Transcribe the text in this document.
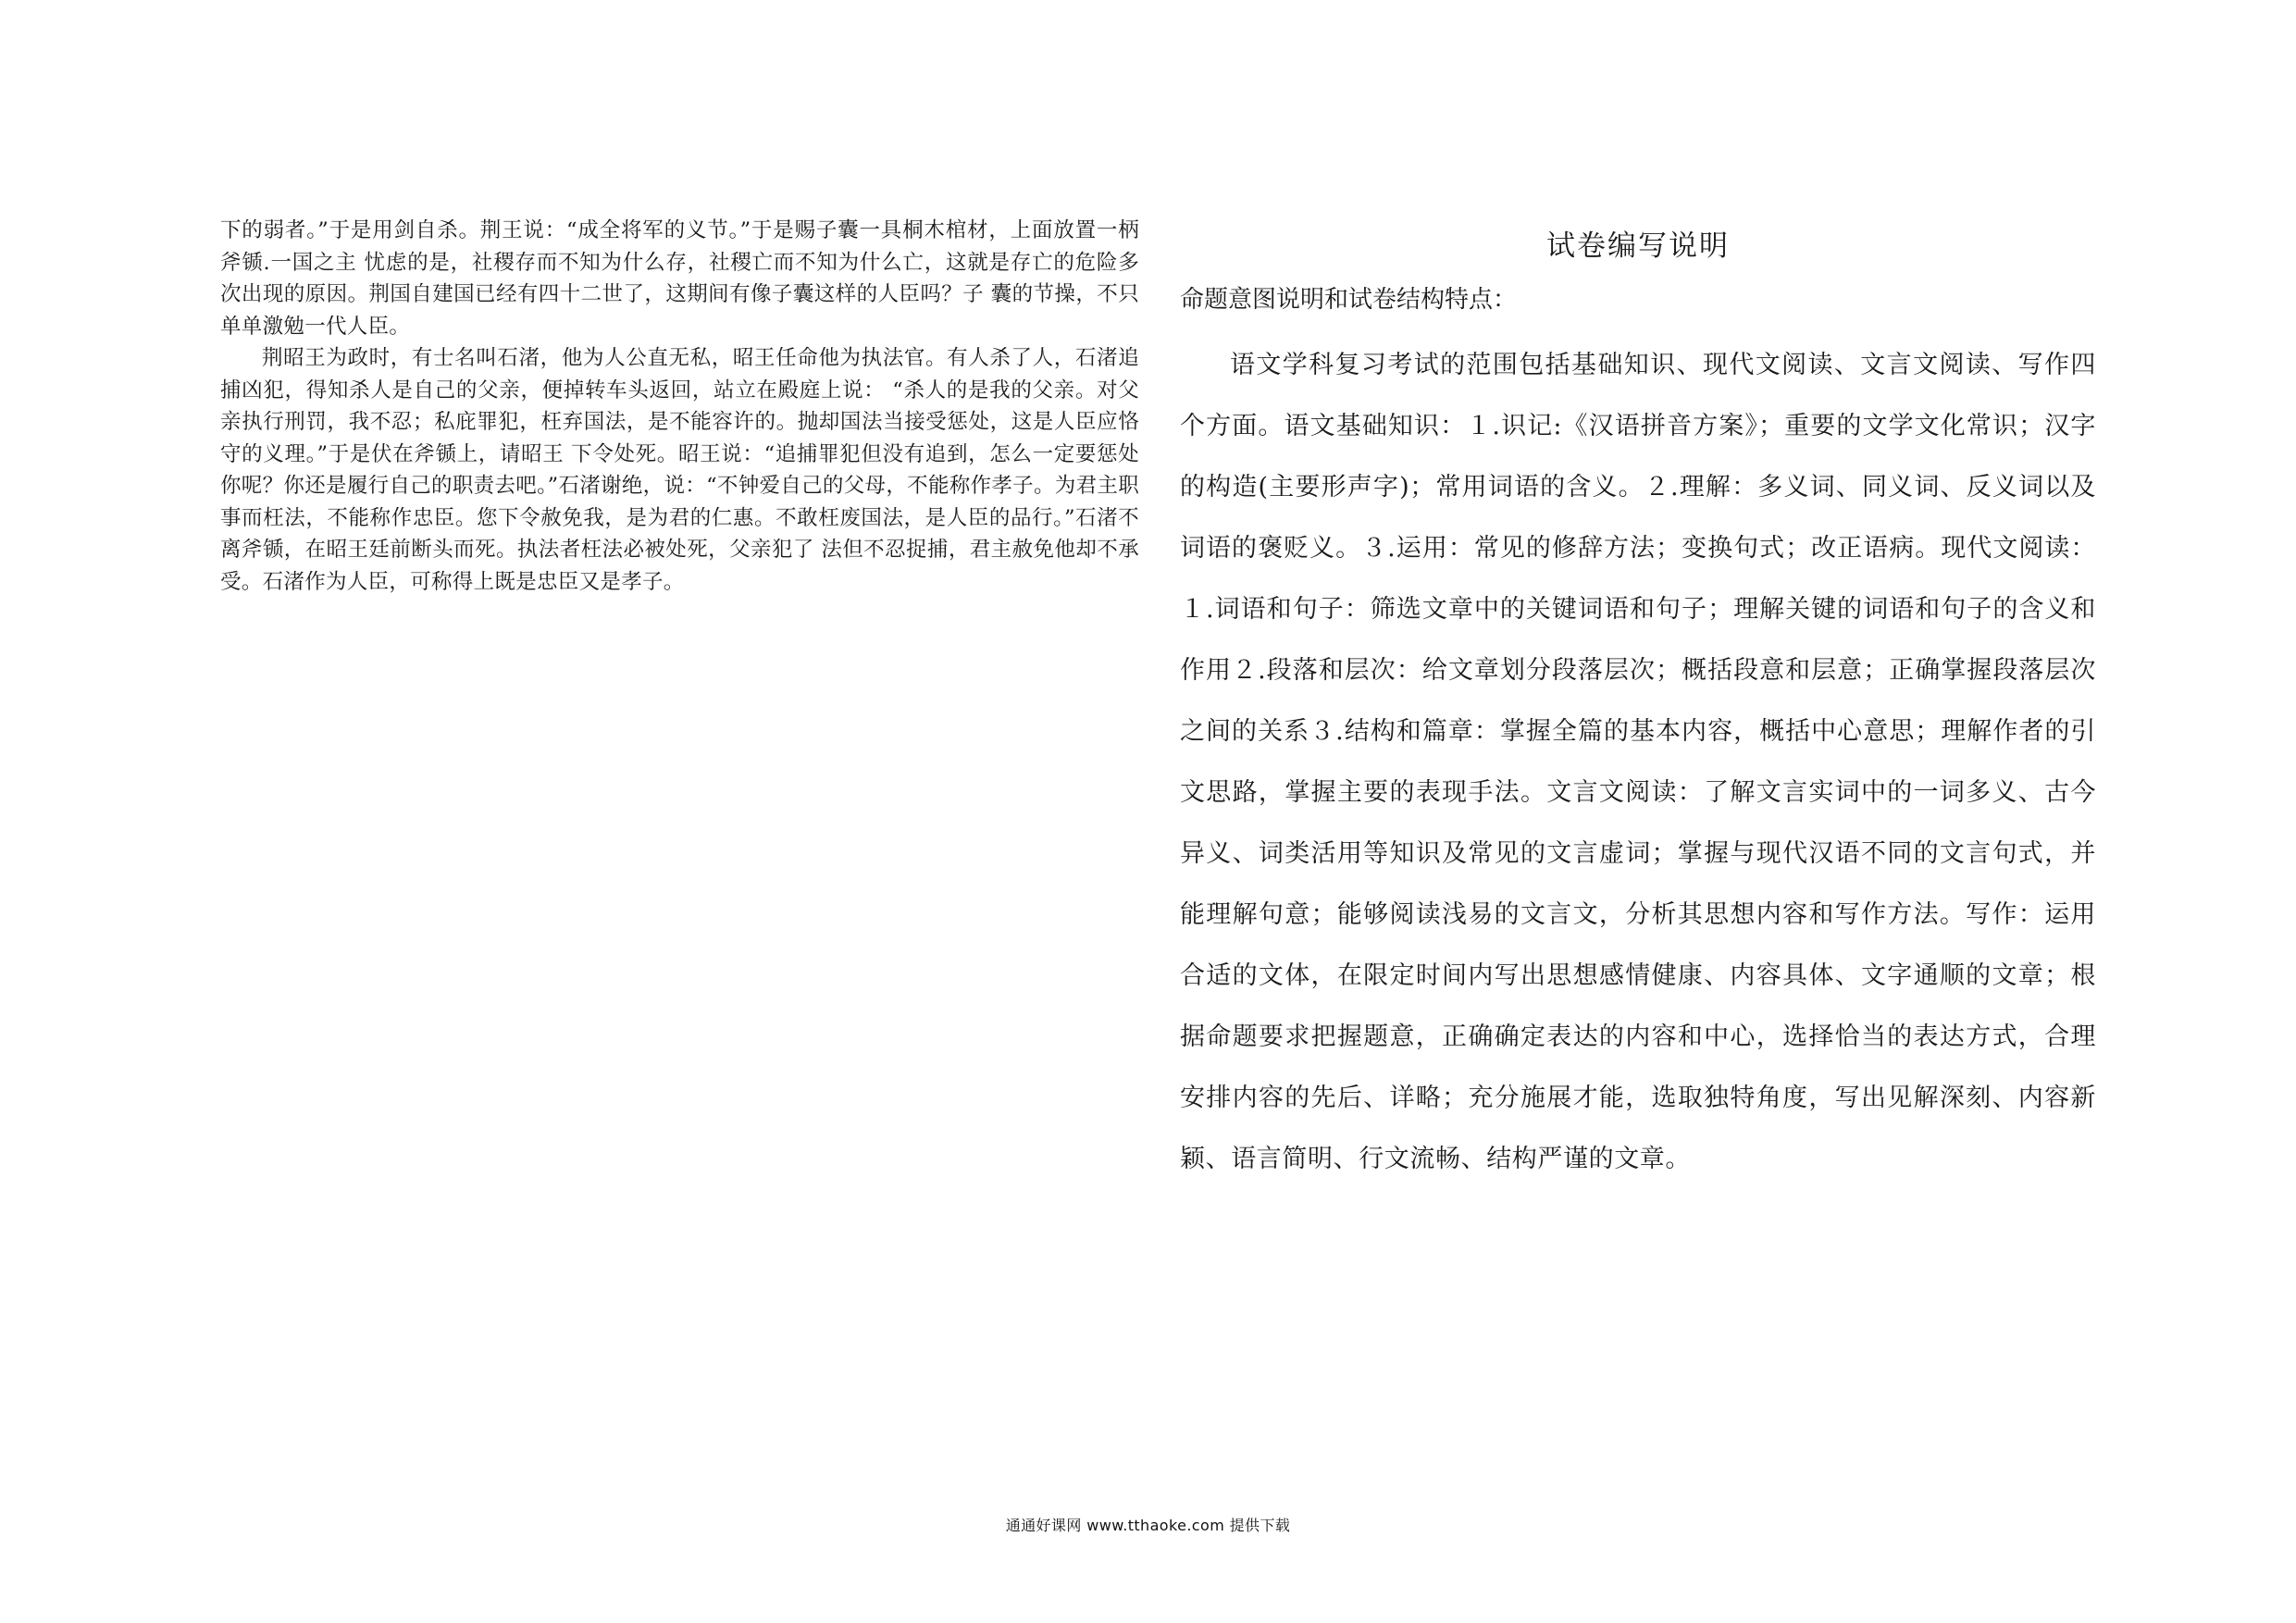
下的弱者。”于是用剑自杀。荆王说：“成全将军的义节。”于是赐子囊一具桐木棺材，上面放置一柄斧锧.一国之主 忧虑的是，社稷存而不知为什么存，社稷亡而不知为什么亡，这就是存亡的危险多次出现的原因。荆国自建国已经有四十二世了，这期间有像子囊这样的人臣吗？子 囊的节操，不只单单激勉一代人臣。

荆昭王为政时，有士名叫石渚，他为人公直无私，昭王任命他为执法官。有人杀了人，石渚追捕凶犯，得知杀人是自己的父亲，便掉转车头返回，站立在殿庭上说： “杀人的是我的父亲。对父亲执行刑罚，我不忍；私庇罪犯，枉弃国法，是不能容许的。抛却国法当接受惩处，这是人臣应恪守的义理。”于是伏在斧锧上，请昭王 下令处死。昭王说：“追捕罪犯但没有追到，怎么一定要惩处你呢？你还是履行自己的职责去吧。”石渚谢绝，说：“不钟爱自己的父母，不能称作孝子。为君主职 事而枉法，不能称作忠臣。您下令赦免我，是为君的仁惠。不敢枉废国法，是人臣的品行。”石渚不离斧锧，在昭王廷前断头而死。执法者枉法必被处死，父亲犯了 法但不忍捉捕，君主赦免他却不承受。石渚作为人臣，可称得上既是忠臣又是孝子。

试卷编写说明
命题意图说明和试卷结构特点：

语文学科复习考试的范围包括基础知识、现代文阅读、文言文阅读、写作四个方面。语文基础知识：１.识记:《汉语拼音方案》；重要的文学文化常识；汉字的构造(主要形声字)；常用词语的含义。２.理解：多义词、同义词、反义词以及词语的褒贬义。３.运用：常见的修辞方法；变换句式；改正语病。现代文阅读： １.词语和句子：筛选文章中的关键词语和句子；理解关键的词语和句子的含义和作用２.段落和层次：给文章划分段落层次；概括段意和层意；正确掌握段落层次之间的关系３.结构和篇章：掌握全篇的基本内容，概括中心意思；理解作者的引文思路，掌握主要的表现手法。文言文阅读：了解文言实词中的一词多义、古今异义、词类活用等知识及常见的文言虚词；掌握与现代汉语不同的文言句式，并能理解句意；能够阅读浅易的文言文，分析其思想内容和写作方法。写作：运用合适的文体，在限定时间内写出思想感情健康、内容具体、文字通顺的文章；根据命题要求把握题意，正确确定表达的内容和中心，选择恰当的表达方式，合理安排内容的先后、详略；充分施展才能，选取独特角度，写出见解深刻、内容新颖、语言简明、行文流畅、结构严谨的文章。

通通好课网 www.tthaoke.com 提供下载
